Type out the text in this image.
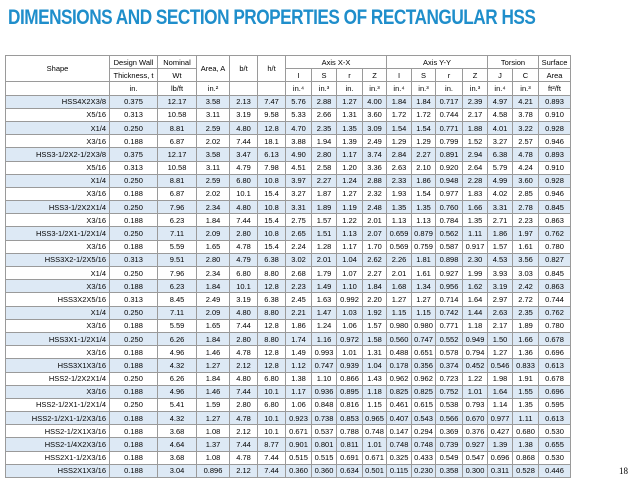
DIMENSIONS AND SECTION PROPERTIES OF RECTANGULAR HSS
Shape	Design Wall	Nominal	Area, A	b/t	h/t	Axis X-X				Axis Y-Y				Torsion		Surface
	Thickness, t	Wt				I	S	r	Z	I	S	r	Z	J	C	Area
	in.	lb/ft	in.²			in.⁴	in.³	in.	in.³	in.⁴	in.³	in.	in.³	in.⁴	in.³	ft²/ft
HSS4X2X3/8	0.375	12.17	3.58	2.13	7.47	5.76	2.88	1.27	4.00	1.84	1.84	0.717	2.39	4.97	4.21	0.893
X5/16	0.313	10.58	3.11	3.19	9.58	5.33	2.66	1.31	3.60	1.72	1.72	0.744	2.17	4.58	3.78	0.910
X1/4	0.250	8.81	2.59	4.80	12.8	4.70	2.35	1.35	3.09	1.54	1.54	0.771	1.88	4.01	3.22	0.928
X3/16	0.188	6.87	2.02	7.44	18.1	3.88	1.94	1.39	2.49	1.29	1.29	0.799	1.52	3.27	2.57	0.946
HSS3-1/2X2-1/2X3/8	0.375	12.17	3.58	3.47	6.13	4.90	2.80	1.17	3.74	2.84	2.27	0.891	2.94	6.38	4.78	0.893
X5/16	0.313	10.58	3.11	4.79	7.98	4.51	2.58	1.20	3.36	2.63	2.10	0.920	2.64	5.79	4.24	0.910
X1/4	0.250	8.81	2.59	6.80	10.8	3.97	2.27	1.24	2.88	2.33	1.86	0.948	2.28	4.99	3.60	0.928
X3/16	0.188	6.87	2.02	10.1	15.4	3.27	1.87	1.27	2.32	1.93	1.54	0.977	1.83	4.02	2.85	0.946
HSS3-1/2X2X1/4	0.250	7.96	2.34	4.80	10.8	3.31	1.89	1.19	2.48	1.35	1.35	0.760	1.66	3.31	2.78	0.845
X3/16	0.188	6.23	1.84	7.44	15.4	2.75	1.57	1.22	2.01	1.13	1.13	0.784	1.35	2.71	2.23	0.863
HSS3-1/2X1-1/2X1/4	0.250	7.11	2.09	2.80	10.8	2.65	1.51	1.13	2.07	0.659	0.879	0.562	1.11	1.86	1.97	0.762
X3/16	0.188	5.59	1.65	4.78	15.4	2.24	1.28	1.17	1.70	0.569	0.759	0.587	0.917	1.57	1.61	0.780
HSS3X2-1/2X5/16	0.313	9.51	2.80	4.79	6.38	3.02	2.01	1.04	2.62	2.26	1.81	0.898	2.30	4.53	3.56	0.827
X1/4	0.250	7.96	2.34	6.80	8.80	2.68	1.79	1.07	2.27	2.01	1.61	0.927	1.99	3.93	3.03	0.845
X3/16	0.188	6.23	1.84	10.1	12.8	2.23	1.49	1.10	1.84	1.68	1.34	0.956	1.62	3.19	2.42	0.863
HSS3X2X5/16	0.313	8.45	2.49	3.19	6.38	2.45	1.63	0.992	2.20	1.27	1.27	0.714	1.64	2.97	2.72	0.744
X1/4	0.250	7.11	2.09	4.80	8.80	2.21	1.47	1.03	1.92	1.15	1.15	0.742	1.44	2.63	2.35	0.762
X3/16	0.188	5.59	1.65	7.44	12.8	1.86	1.24	1.06	1.57	0.980	0.980	0.771	1.18	2.17	1.89	0.780
HSS3X1-1/2X1/4	0.250	6.26	1.84	2.80	8.80	1.74	1.16	0.972	1.58	0.560	0.747	0.552	0.949	1.50	1.66	0.678
X3/16	0.188	4.96	1.46	4.78	12.8	1.49	0.993	1.01	1.31	0.488	0.651	0.578	0.794	1.27	1.36	0.696
HSS3X1X3/16	0.188	4.32	1.27	2.12	12.8	1.12	0.747	0.939	1.04	0.178	0.356	0.374	0.452	0.546	0.833	0.613
HSS2-1/2X2X1/4	0.250	6.26	1.84	4.80	6.80	1.38	1.10	0.866	1.43	0.962	0.962	0.723	1.22	1.98	1.91	0.678
X3/16	0.188	4.96	1.46	7.44	10.1	1.17	0.936	0.895	1.18	0.825	0.825	0.752	1.01	1.64	1.55	0.696
HSS2-1/2X1-1/2X1/4	0.250	5.41	1.59	2.80	6.80	1.06	0.848	0.816	1.15	0.461	0.615	0.538	0.793	1.14	1.35	0.595
HSS2-1/2X1-1/2X3/16	0.188	4.32	1.27	4.78	10.1	0.923	0.738	0.853	0.965	0.407	0.543	0.566	0.670	0.977	1.11	0.613
HSS2-1/2X1X3/16	0.188	3.68	1.08	2.12	10.1	0.671	0.537	0.788	0.748	0.147	0.294	0.369	0.376	0.427	0.680	0.530
HSS2-1/4X2X3/16	0.188	4.64	1.37	7.44	8.77	0.901	0.801	0.811	1.01	0.748	0.748	0.739	0.927	1.39	1.38	0.655
HSS2X1-1/2X3/16	0.188	3.68	1.08	4.78	7.44	0.515	0.515	0.691	0.671	0.325	0.433	0.549	0.547	0.696	0.868	0.530
HSS2X1X3/16	0.188	3.04	0.896	2.12	7.44	0.360	0.360	0.634	0.501	0.115	0.230	0.358	0.300	0.311	0.528	0.446	18
